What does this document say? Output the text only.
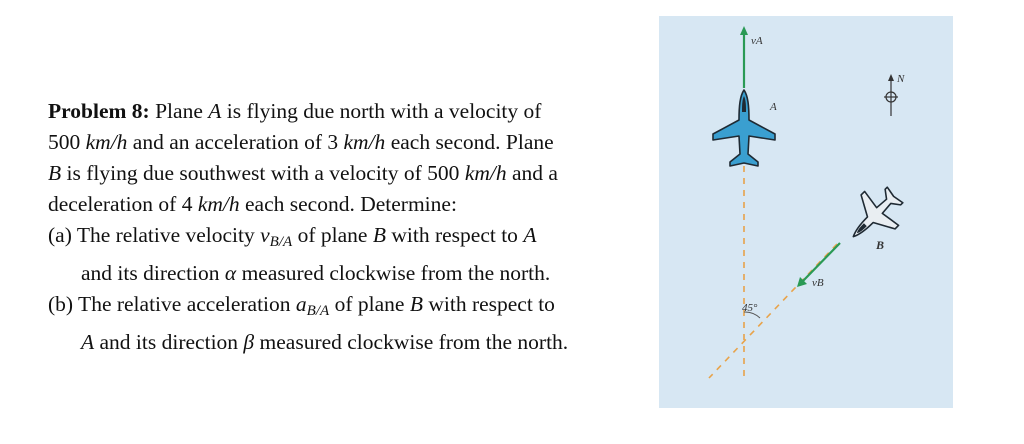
Problem 8: Plane A is flying due north with a velocity of
500 km/h and an acceleration of 3 km/h each second. Plane
B is flying due southwest with a velocity of 500 km/h and a
deceleration of 4 km/h each second. Determine:
(a) The relative velocity $v_{B/A}$ of plane B with respect to A
and its direction α measured clockwise from the north.
(b) The relative acceleration $a_{B/A}$ of plane B with respect to
A and its direction β measured clockwise from the north.
45°
vA
A
N
B
vB
